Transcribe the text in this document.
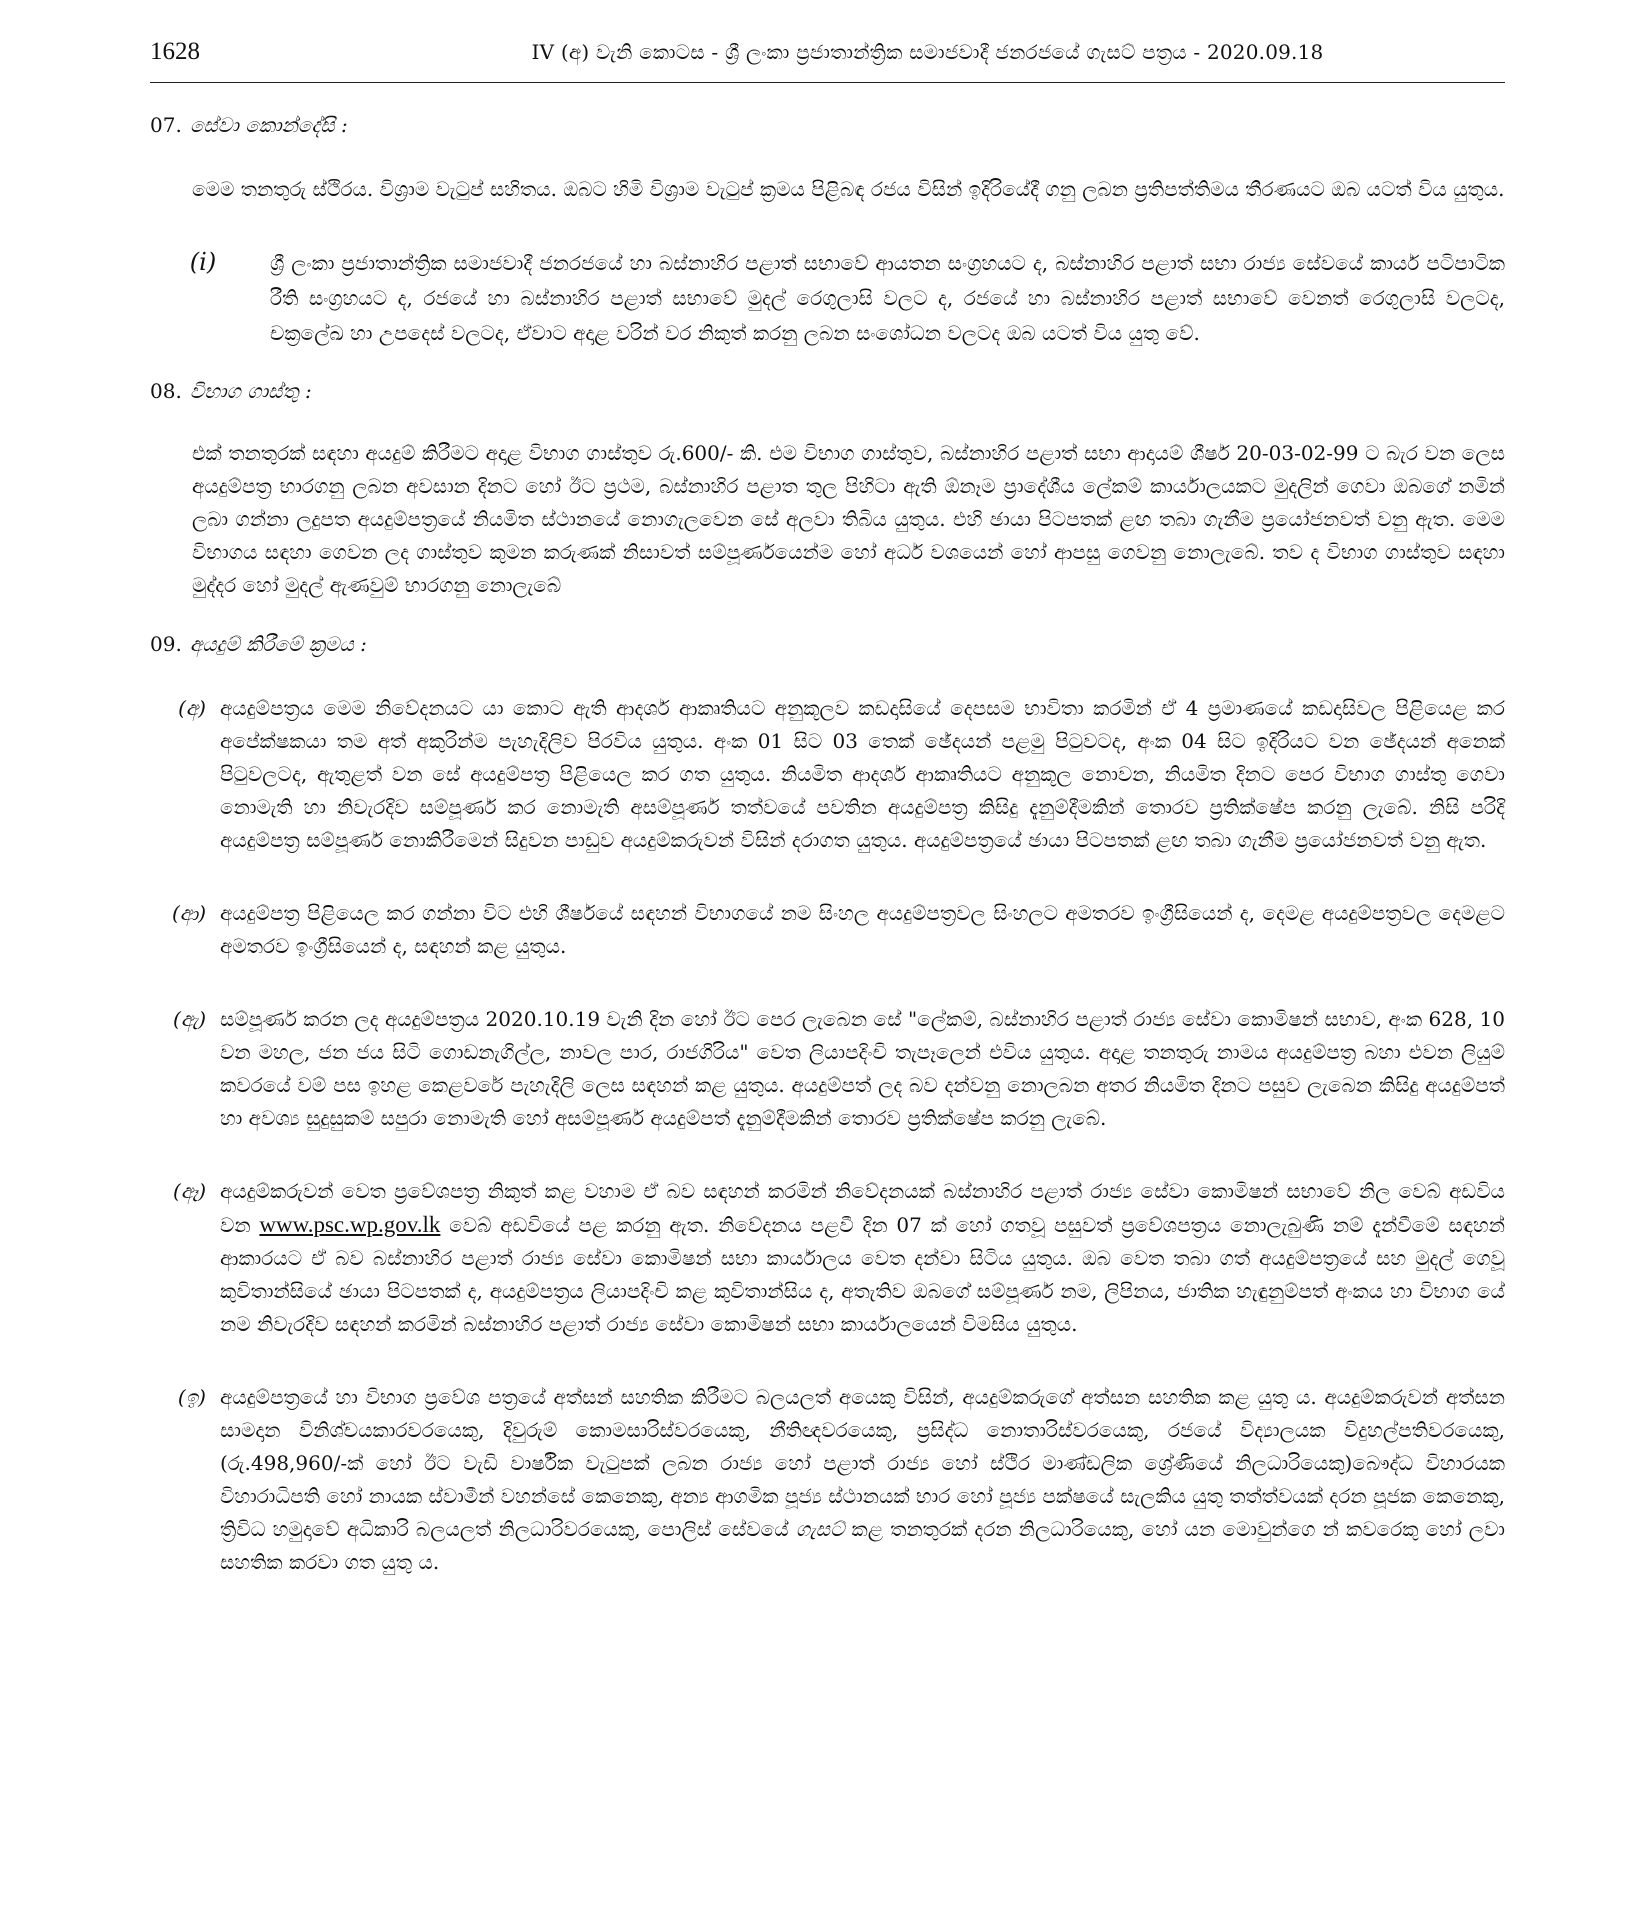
1628	IV (අ) වැනි කොටස - ශ්‍රී ලංකා ප්‍රජාතාන්ත්‍රික සමාජවාදී ජනරජයේ ගැසට් පත්‍රය - 2020.09.18
07. සේවා කොන්දේසි :
මෙම තනතුරු ස්ථිරය. විශ්‍රාම වැටුප් සහිතය. ඔබට හිමි විශ්‍රාම වැටුප් ක්‍රමය පිළිබඳ රජය විසින් ඉදිරියේදී ගනු ලබන ප්‍රතිපත්තිමය තීරණයට ඔබ යටත් විය යුතුය.
(i)	ශ්‍රී ලංකා ප්‍රජාතාන්ත්‍රික සමාජවාදී ජනරජයේ හා බස්නාහිර පළාත් සභාවේ ආයතන සංග්‍රහයට ද, බස්නාහිර පළාත් සභා රාජ්‍ය සේවයේ කාර්ය පටිපාටික රීති සංග්‍රහයට ද, රජයේ හා බස්නාහිර පළාත් සභාවේ මුදල් රෙගුලාසි වලට ද, රජයේ හා බස්නාහිර පළාත් සභාවේ වෙනත් රෙගුලාසි වලටද, චක්‍රලේඛ හා උපදෙස් වලටද, ඒවාට අදාළ වරින් වර නිකුත් කරනු ලබන සංශෝධන වලටද ඔබ යටත් විය යුතු වේ.
08. විභාග ගාස්තු :
එක් තනතුරක් සඳහා අයදුම් කිරීමට අදාළ විභාග ගාස්තුව රු.600/- කි. එම විභාග ගාස්තුව, බස්නාහිර පළාත් සභා ආදායම් ශීර්ෂ 20-03-02-99 ට බැර වන ලෙස අයදුම්පත්‍ර භාරගනු ලබන අවසාන දිනට හෝ ඊට ප්‍රථම, බස්නාහිර පළාත තුල පිහිටා ඇති ඕනෑම ප්‍රාදේශීය ලේකම් කාර්යාලයකට මුදලින් ගෙවා ඔබගේ නමින් ලබා ගන්නා ලදුපත අයදුම්පත්‍රයේ නියමිත ස්ථානයේ නොගැලවෙන සේ අලවා තිබිය යුතුය. එහි ඡායා පිටපතක් ළඟ තබා ගැනීම ප්‍රයෝජනවත් වනු ඇත. මෙම විභාගය සඳහා ගෙවන ලද ගාස්තුව කුමන කරුණක් නිසාවත් සම්පූර්ණයෙන්ම හෝ අර්ධ වශයෙන් හෝ ආපසු ගෙවනු නොලැබේ. තව ද විභාග ගාස්තුව සඳහා මුද්දර හෝ මුදල් ඇණවුම් භාරගනු නොලැබේ
09. අයදුම් කිරීමේ ක්‍රමය :
(අ) අයදුම්පත්‍රය මෙම නිවේදනයට යා කොට ඇති ආදර්ශ ආකෘතියට අනුකූලව කඩදාසියේ දෙපසම භාවිතා කරමින් ඒ 4 ප්‍රමාණයේ කඩදාසිවල පිළියෙළ කර අපේක්ෂකයා තම අත් අකුරින්ම පැහැදිලිව පිරවිය යුතුය. අංක 01 සිට 03 තෙක් ඡේදයන් පළමු පිටුවටද, අංක 04 සිට ඉදිරියට වන ඡේදයන් අනෙක් පිටුවලටද, ඇතුළත් වන සේ අයදුම්පත්‍ර පිළියෙල කර ගත යුතුය. නියමිත ආදර්ශ ආකෘතියට අනුකූල නොවන, නියමිත දිනට පෙර විභාග ගාස්තු ගෙවා නොමැති හා නිවැරදිව සම්පූර්ණ කර නොමැති අසම්පූර්ණ තත්වයේ පවතින අයදුම්පත්‍ර කිසිදු දැනුම්දීමකින් තොරව ප්‍රතික්ෂේප කරනු ලැබේ. නිසි පරිදි අයදුම්පත්‍ර සම්පූර්ණ නොකිරීමෙන් සිදුවන පාඩුව අයදුම්කරුවන් විසින් දරාගත යුතුය. අයදුම්පත්‍රයේ ඡායා පිටපතක් ළඟ තබා ගැනීම ප්‍රයෝජනවත් වනු ඇත.
(ආ) අයදුම්පත්‍ර පිළියෙල කර ගන්නා විට එහි ශීර්ෂයේ සඳහන් විභාගයේ නම සිංහල අයදුම්පත්‍රවල සිංහලට අමතරව ඉංග්‍රීසියෙන් ද, දෙමළ අයදුම්පත්‍රවල දෙමළට අමතරව ඉංග්‍රීසියෙන් ද, සඳහන් කළ යුතුය.
(ඇ) සම්පූර්ණ කරන ලද අයදුම්පත්‍රය 2020.10.19 වැනි දින හෝ ඊට පෙර ලැබෙන සේ "ලේකම්, බස්නාහිර පළාත් රාජ්‍ය සේවා කොමිෂන් සභාව, අංක 628, 10 වන මහල, ජන ජය සිටි ගොඩනැගිල්ල, නාවල පාර, රාජගිරිය" වෙත ලියාපදිංචි තැපෑලෙන් එවිය යුතුය. අදාළ තනතුරු නාමය අයදුම්පත්‍ර බහා එවන ලියුම් කවරයේ වම් පස ඉහළ කෙළවරේ පැහැදිලි ලෙස සඳහන් කළ යුතුය. අයදුම්පත් ලද බව දන්වනු නොලබන අතර නියමිත දිනට පසුව ලැබෙන කිසිදු අයදුම්පත් හා අවශ්‍ය සුදුසුකම් සපුරා නොමැති හෝ අසම්පූර්ණ අයදුම්පත් දැනුම්දීමකින් තොරව ප්‍රතික්ෂේප කරනු ලැබේ.
(ඈ) අයදුම්කරුවන් වෙත ප්‍රවේශපත්‍ර නිකුත් කළ වහාම ඒ බව සඳහන් කරමින් නිවේදනයක් බස්නාහිර පළාත් රාජ්‍ය සේවා කොමිෂන් සභාවේ නිල වෙබ් අඩවිය වන www.psc.wp.gov.lk වෙබ් අඩවියේ පළ කරනු ඇත. නිවේදනය පළවී දින 07 ක් හෝ ගතවූ පසුවත් ප්‍රවේශපත්‍රය නොලැබුණි නම් දැන්වීමේ සඳහන් ආකාරයට ඒ බව බස්නාහිර පළාත් රාජ්‍ය සේවා කොමිෂන් සභා කාර්යාලය වෙත දන්වා සිටිය යුතුය. ඔබ වෙත තබා ගත් අයදුම්පත්‍රයේ සහ මුදල් ගෙවූ කුවිතාන්සියේ ඡායා පිටපතක් ද, අයදුම්පත්‍රය ලියාපදිංචි කළ කුවිතාන්සිය ද, අතැතිව ඔබගේ සම්පූර්ණ නම, ලිපිනය, ජාතික හැඳුනුම්පත් අංකය හා විභාග යේ නම නිවැරදිව සඳහන් කරමින් බස්නාහිර පළාත් රාජ්‍ය සේවා කොමිෂන් සභා කාර්යාලයෙන් විමසිය යුතුය.
(ඉ) අයදුම්පත්‍රයේ හා විභාග ප්‍රවේශ පත්‍රයේ අත්සන් සහතික කිරීමට බලයලත් අයෙකු විසින්, අයදුම්කරුගේ අත්සන සහතික කළ යුතු ය. අයදුම්කරුවන් අත්සන සාමදාන විනිශ්චයකාරවරයෙකු, දිවුරුම් කොමසාරිස්වරයෙකු, නීතිඥවරයෙකු, ප්‍රසිද්ධ නොතාරිස්වරයෙකු, රජයේ විද්‍යාලයක විදුහල්පතිවරයෙකු, (රු.498,960/-ක් හෝ ඊට වැඩි වාර්ෂික වැටුපක් ලබන රාජ්‍ය හෝ පළාත් රාජ්‍ය හෝ ස්ථිර මාණ්ඩලික ශ්‍රේණියේ නිලධාරියෙකු)බෞද්ධ විහාරයක විහාරාධිපති හෝ නායක ස්වාමීන් වහන්සේ කෙනෙකු, අන්‍ය ආගමික පූජ්‍ය ස්ථානයක් භාර හෝ පූජ්‍ය පක්ෂයේ සැලකිය යුතු තත්ත්වයක් දරන පූජක කෙනෙකු, ත්‍රිවිධ හමුදාවේ අධිකාරි බලයලත් නිලධාරිවරයෙකු, පොලිස් සේවයේ ගැසට් කළ තනතුරක් දරන නිලධාරියෙකු, හෝ යන මොවුන්ගෙ න් කවරෙකු හෝ ලවා සහතික කරවා ගත යුතු ය.
